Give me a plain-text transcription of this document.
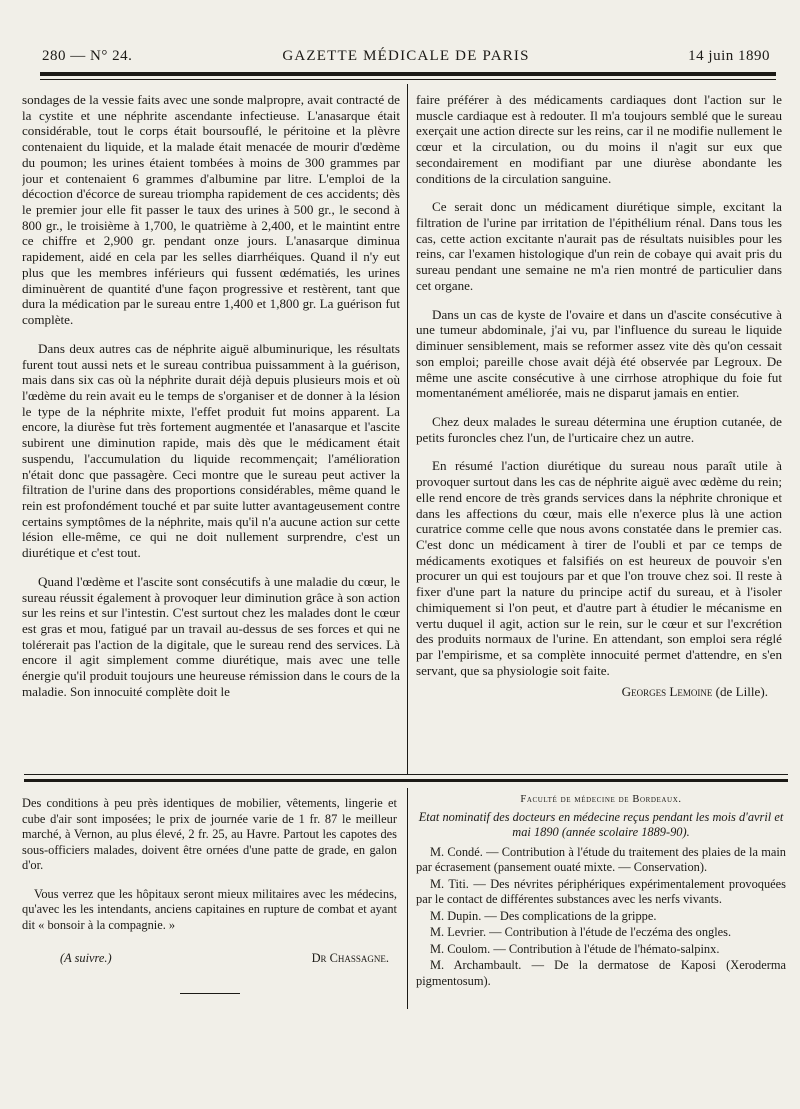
280 — N° 24.	GAZETTE MÉDICALE DE PARIS	14 juin 1890

sondages de la vessie faits avec une sonde malpropre, avait contracté de la cystite et une néphrite ascendante infectieuse. L'anasarque était considérable, tout le corps était boursouflé, le péritoine et la plèvre contenaient du liquide, et la malade était menacée de mourir d'œdème du poumon; les urines étaient tombées à moins de 300 grammes par jour et contenaient 6 grammes d'albumine par litre. L'emploi de la décoction d'écorce de sureau triompha rapidement de ces accidents; dès le premier jour elle fit passer le taux des urines à 500 gr., le second à 800 gr., le troisième à 1,700, le quatrième à 2,400, et le maintint entre ce chiffre et 2,900 gr. pendant onze jours. L'anasarque diminua rapidement, aidé en cela par les selles diarrhéiques. Quand il n'y eut plus que les membres inférieurs qui fussent œdématiés, les urines diminuèrent de quantité d'une façon progressive et restèrent, tant que dura la médication par le sureau entre 1,400 et 1,800 gr. La guérison fut complète.

Dans deux autres cas de néphrite aiguë albuminurique, les résultats furent tout aussi nets et le sureau contribua puissamment à la guérison, mais dans six cas où la néphrite durait déjà depuis plusieurs mois et où l'œdème du rein avait eu le temps de s'organiser et de donner à la lésion le type de la néphrite mixte, l'effet produit fut moins apparent. La encore, la diurèse fut très fortement augmentée et l'anasarque et l'ascite subirent une diminution rapide, mais dès que le médicament était suspendu, l'accumulation du liquide recommençait; l'amélioration n'était donc que passagère. Ceci montre que le sureau peut activer la filtration de l'urine dans des proportions considérables, même quand le rein est profondément touché et par suite lutter avantageusement contre certains symptômes de la néphrite, mais qu'il n'a aucune action sur cette lésion elle-même, ce qui ne doit nullement surprendre, c'est un diurétique et c'est tout.

Quand l'œdème et l'ascite sont consécutifs à une maladie du cœur, le sureau réussit également à provoquer leur diminution grâce à son action sur les reins et sur l'intestin. C'est surtout chez les malades dont le cœur est gras et mou, fatigué par un travail au-dessus de ses forces et qui ne tolérerait pas l'action de la digitale, que le sureau rend des services. Là encore il agit simplement comme diurétique, mais avec une telle énergie qu'il produit toujours une heureuse rémission dans le cours de la maladie. Son innocuité complète doit le

faire préférer à des médicaments cardiaques dont l'action sur le muscle cardiaque est à redouter. Il m'a toujours semblé que le sureau exerçait une action directe sur les reins, car il ne modifie nullement le cœur et la circulation, ou du moins il n'agit sur eux que secondairement en modifiant par une diurèse abondante les conditions de la circulation sanguine.

Ce serait donc un médicament diurétique simple, excitant la filtration de l'urine par irritation de l'épithélium rénal. Dans tous les cas, cette action excitante n'aurait pas de résultats nuisibles pour les reins, car l'examen histologique d'un rein de cobaye qui avait pris du sureau pendant une semaine ne m'a rien montré de particulier dans cet organe.

Dans un cas de kyste de l'ovaire et dans un d'ascite consécutive à une tumeur abdominale, j'ai vu, par l'influence du sureau le liquide diminuer sensiblement, mais se reformer assez vite dès qu'on cessait son emploi; pareille chose avait déjà été observée par Legroux. De même une ascite consécutive à une cirrhose atrophique du foie fut momentanément améliorée, mais ne disparut jamais en entier.

Chez deux malades le sureau détermina une éruption cutanée, de petits furoncles chez l'un, de l'urticaire chez un autre.

En résumé l'action diurétique du sureau nous paraît utile à provoquer surtout dans les cas de néphrite aiguë avec œdème du rein; elle rend encore de très grands services dans la néphrite chronique et dans les affections du cœur, mais elle n'exerce plus là une action curatrice comme celle que nous avons constatée dans le premier cas. C'est donc un médicament à tirer de l'oubli et par ce temps de médicaments exotiques et falsifiés on est heureux de pouvoir s'en procurer un qui est toujours par et que l'on trouve chez soi. Il reste à fixer d'une part la nature du principe actif du sureau, et à l'isoler chimiquement si l'on peut, et d'autre part à étudier le mécanisme en vertu duquel il agit, action sur le rein, sur le cœur et sur l'excrétion des produits normaux de l'urine. En attendant, son emploi sera réglé par l'empirisme, et sa complète innocuité permet d'attendre, en s'en servant, que sa physiologie soit faite.

Georges Lemoine (de Lille).

Des conditions à peu près identiques de mobilier, vêtements, lingerie et cube d'air sont imposées; le prix de journée varie de 1 fr. 87 le meilleur marché, à Vernon, au plus élevé, 2 fr. 25, au Havre. Partout les capotes des sous-officiers malades, doivent être ornées d'une patte de grade, en galon d'or.

Vous verrez que les hôpitaux seront mieux militaires avec les médecins, qu'avec les les intendants, anciens capitaines en rupture de combat et ayant dit « bonsoir à la compagnie. »

(A suivre.)	Dr Chassagne.
Faculté de médecine de Bordeaux.
Etat nominatif des docteurs en médecine reçus pendant les mois d'avril et mai 1890 (année scolaire 1889-90).

M. Condé. — Contribution à l'étude du traitement des plaies de la main par écrasement (pansement ouaté mixte. — Conservation).

M. Titi. — Des névrites périphériques expérimentalement provoquées par le contact de différentes substances avec les nerfs vivants.

M. Dupin. — Des complications de la grippe.

M. Levrier. — Contribution à l'étude de l'eczéma des ongles.

M. Coulom. — Contribution à l'étude de l'hémato-salpinx.

M. Archambault. — De la dermatose de Kaposi (Xeroderma pigmentosum).
